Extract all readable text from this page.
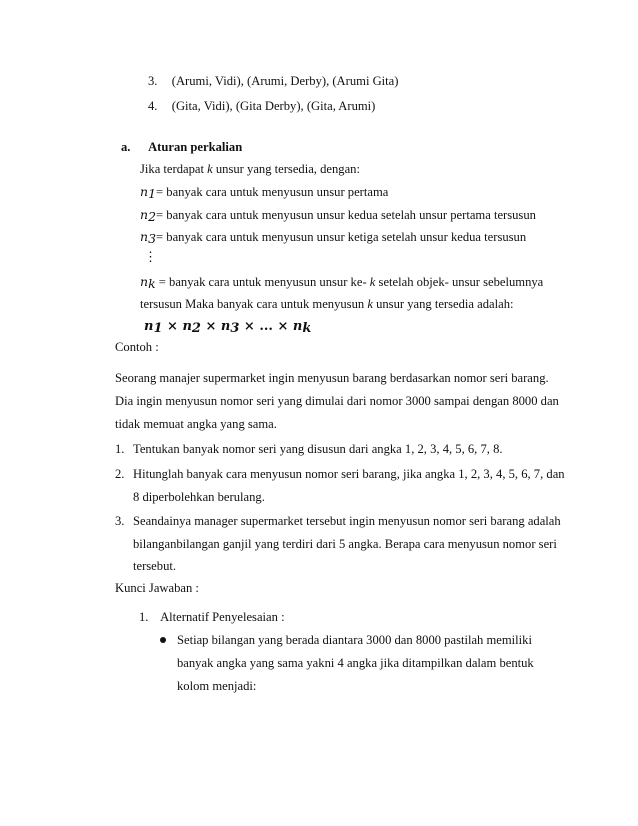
3. (Arumi, Vidi), (Arumi, Derby), (Arumi Gita)
4. (Gita, Vidi), (Gita Derby), (Gita, Arumi)
a. Aturan perkalian
Jika terdapat k unsur yang tersedia, dengan:
$n_1=$ banyak cara untuk menyusun unsur pertama
$n_2=$ banyak cara untuk menyusun unsur kedua setelah unsur pertama tersusun
$n_3=$ banyak cara untuk menyusun unsur ketiga setelah unsur kedua tersusun
⋮
$n_k$ = banyak cara untuk menyusun unsur ke- k setelah objek- unsur sebelumnya
tersusun Maka banyak cara untuk menyusun k unsur yang tersedia adalah:
$n_1 \times n_2 \times n_3$ × ... × $n_k$
Contoh :
Seorang manajer supermarket ingin menyusun barang berdasarkan nomor seri barang.
Dia ingin menyusun nomor seri yang dimulai dari nomor 3000 sampai dengan 8000 dan
tidak memuat angka yang sama.
1. Tentukan banyak nomor seri yang disusun dari angka 1, 2, 3, 4, 5, 6, 7, 8.
2. Hitunglah banyak cara menyusun nomor seri barang, jika angka 1, 2, 3, 4, 5, 6, 7, dan
8 diperbolehkan berulang.
3. Seandainya manager supermarket tersebut ingin menyusun nomor seri barang adalah
bilanganbilangan ganjil yang terdiri dari 5 angka. Berapa cara menyusun nomor seri
tersebut.
Kunci Jawaban :
1. Alternatif Penyelesaian :
Setiap bilangan yang berada diantara 3000 dan 8000 pastilah memiliki
banyak angka yang sama yakni 4 angka jika ditampilkan dalam bentuk
kolom menjadi:
